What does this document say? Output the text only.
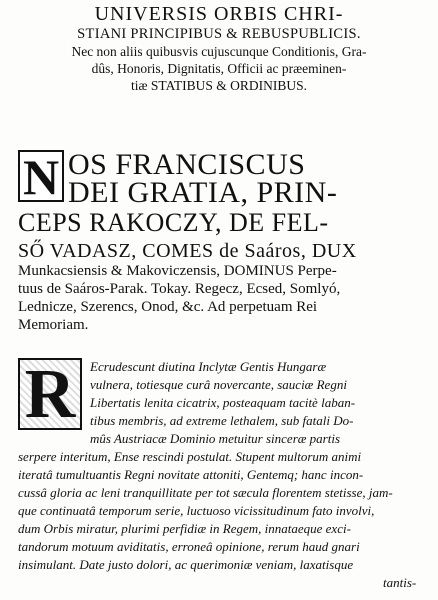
UNIVERSIS ORBIS CHRI-
STIANI PRINCIPIBUS & REBUSPUBLICIS.
Nec non aliis quibusvis cujuscunque Conditionis, Gra-
dûs, Honoris, Dignitatis, Officii ac præeminen-
tiæ STATIBUS & ORDINIBUS.
N OS FRANCISCUS
DEI GRATIA, PRIN-
CEPS RAKOCZY, DE FEL-
SŐ VADASZ, COMES de Saáros, DUX
Munkacsiensis & Makoviczensis, DOMINUS Perpe-
tuus de Saáros-Parak. Tokay. Regecz, Ecsed, Somlyó,
Ledniczе, Szerencs, Onod, &c. Ad perpetuam Rei
Memoriam.
R	Ecrudescunt diutina Inclytæ Gentis Hungaræ
vulnera, totiesque curâ novercante, sauciæ Regni
Libertatis lenita cicatrix, posteaquam tacitè laban-
tibus membris, ad extreme lethalem, sub fatali Do-
mûs Austriacæ Dominio metuitur sinceræ partis
serpere interitum, Ense rescindi postulat. Stupent multorum animi
iteratâ tumultuantis Regni novitate attoniti, Gentemq; hanc incon-
cussâ gloria ac leni tranquillitate per tot sæcula florentem stetisse, jam-
que continuatâ temporum serie, luctuoso vicissitudinum fato involvi,
dum Orbis miratur, plurimi perfidiæ in Regem, innataeque exci-
tandorum motuum aviditatis, erroneâ opinione, rerum haud gnari
insimulant. Date justo dolori, ac querimoniæ veniam, laxatisque
tantis-
